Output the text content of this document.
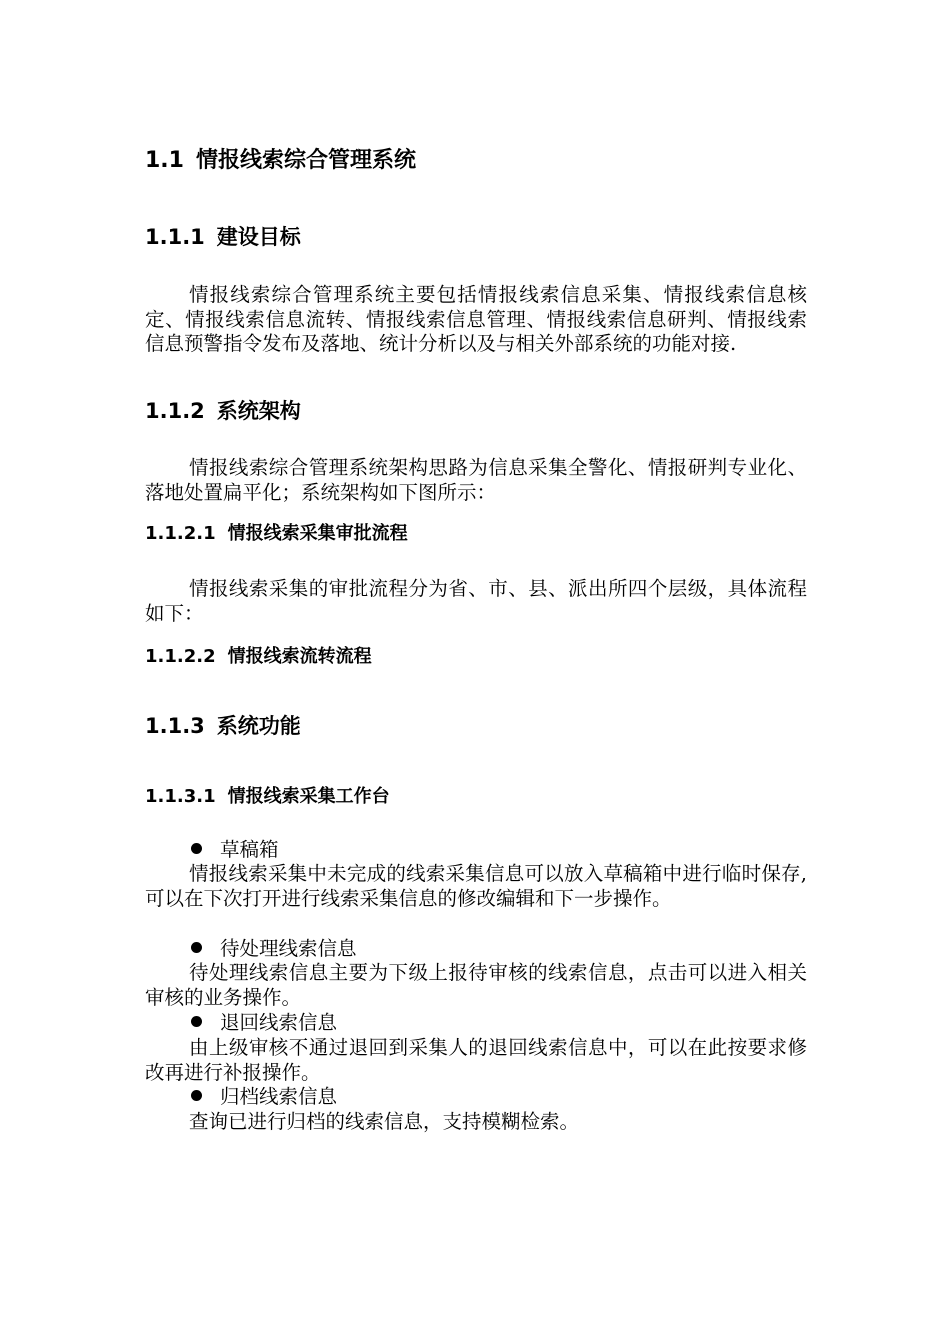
1.1 情报线索综合管理系统
1.1.1 建设目标
情报线索综合管理系统主要包括情报线索信息采集、情报线索信息核定、情报线索信息流转、情报线索信息管理、情报线索信息研判、情报线索信息预警指令发布及落地、统计分析以及与相关外部系统的功能对接.
1.1.2 系统架构
情报线索综合管理系统架构思路为信息采集全警化、情报研判专业化、落地处置扁平化；系统架构如下图所示：
1.1.2.1 情报线索采集审批流程
情报线索采集的审批流程分为省、市、县、派出所四个层级，具体流程如下：
1.1.2.2 情报线索流转流程
1.1.3 系统功能
1.1.3.1 情报线索采集工作台
草稿箱
情报线索采集中未完成的线索采集信息可以放入草稿箱中进行临时保存,可以在下次打开进行线索采集信息的修改编辑和下一步操作。
待处理线索信息
待处理线索信息主要为下级上报待审核的线索信息，点击可以进入相关审核的业务操作。
退回线索信息
由上级审核不通过退回到采集人的退回线索信息中，可以在此按要求修改再进行补报操作。
归档线索信息
查询已进行归档的线索信息，支持模糊检索。
